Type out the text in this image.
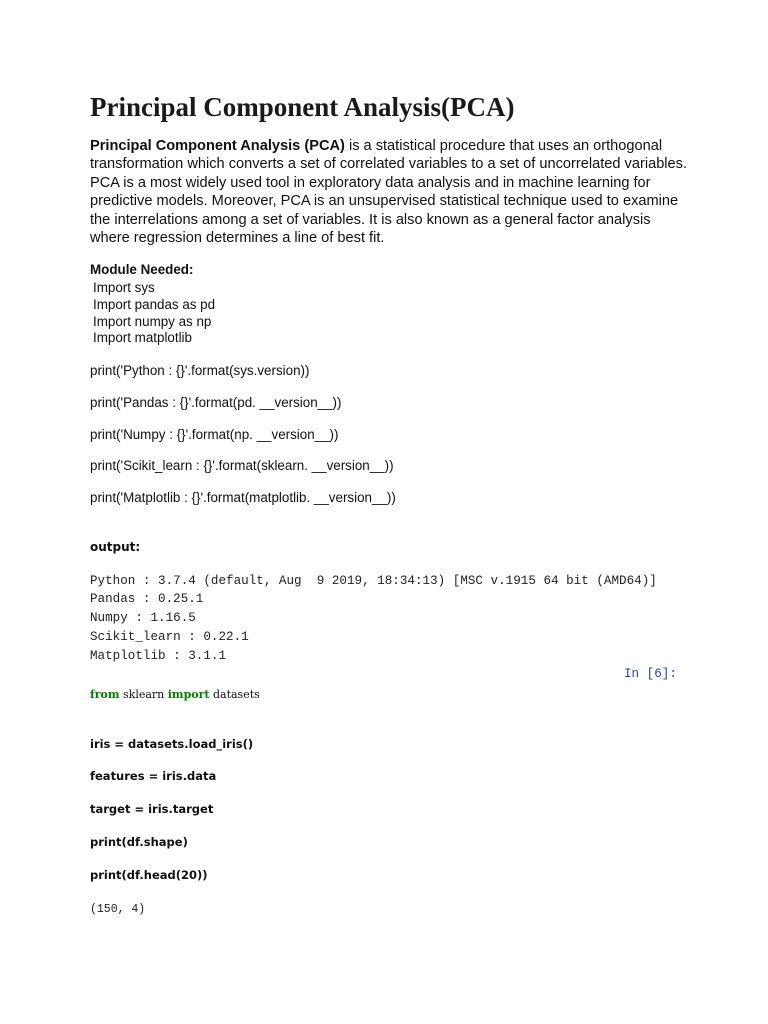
Principal Component Analysis(PCA)

Principal Component Analysis (PCA) is a statistical procedure that uses an orthogonal transformation which converts a set of correlated variables to a set of uncorrelated variables. PCA is a most widely used tool in exploratory data analysis and in machine learning for predictive models. Moreover, PCA is an unsupervised statistical technique used to examine the interrelations among a set of variables. It is also known as a general factor analysis where regression determines a line of best fit.

Module Needed:
Import sys
Import pandas as pd
Import numpy as np
Import matplotlib
print('Python : {}'.format(sys.version))
print('Pandas : {}'.format(pd. __version__))
print('Numpy : {}'.format(np. __version__))
print('Scikit_learn : {}'.format(sklearn. __version__))
print('Matplotlib : {}'.format(matplotlib. __version__))
output:
Python : 3.7.4 (default, Aug  9 2019, 18:34:13) [MSC v.1915 64 bit (AMD64)]
Pandas : 0.25.1
Numpy : 1.16.5
Scikit_learn : 0.22.1
Matplotlib : 3.1.1
In [6]:
from sklearn import datasets
iris = datasets.load_iris()
features = iris.data
target = iris.target
print(df.shape)
print(df.head(20))
(150, 4)
